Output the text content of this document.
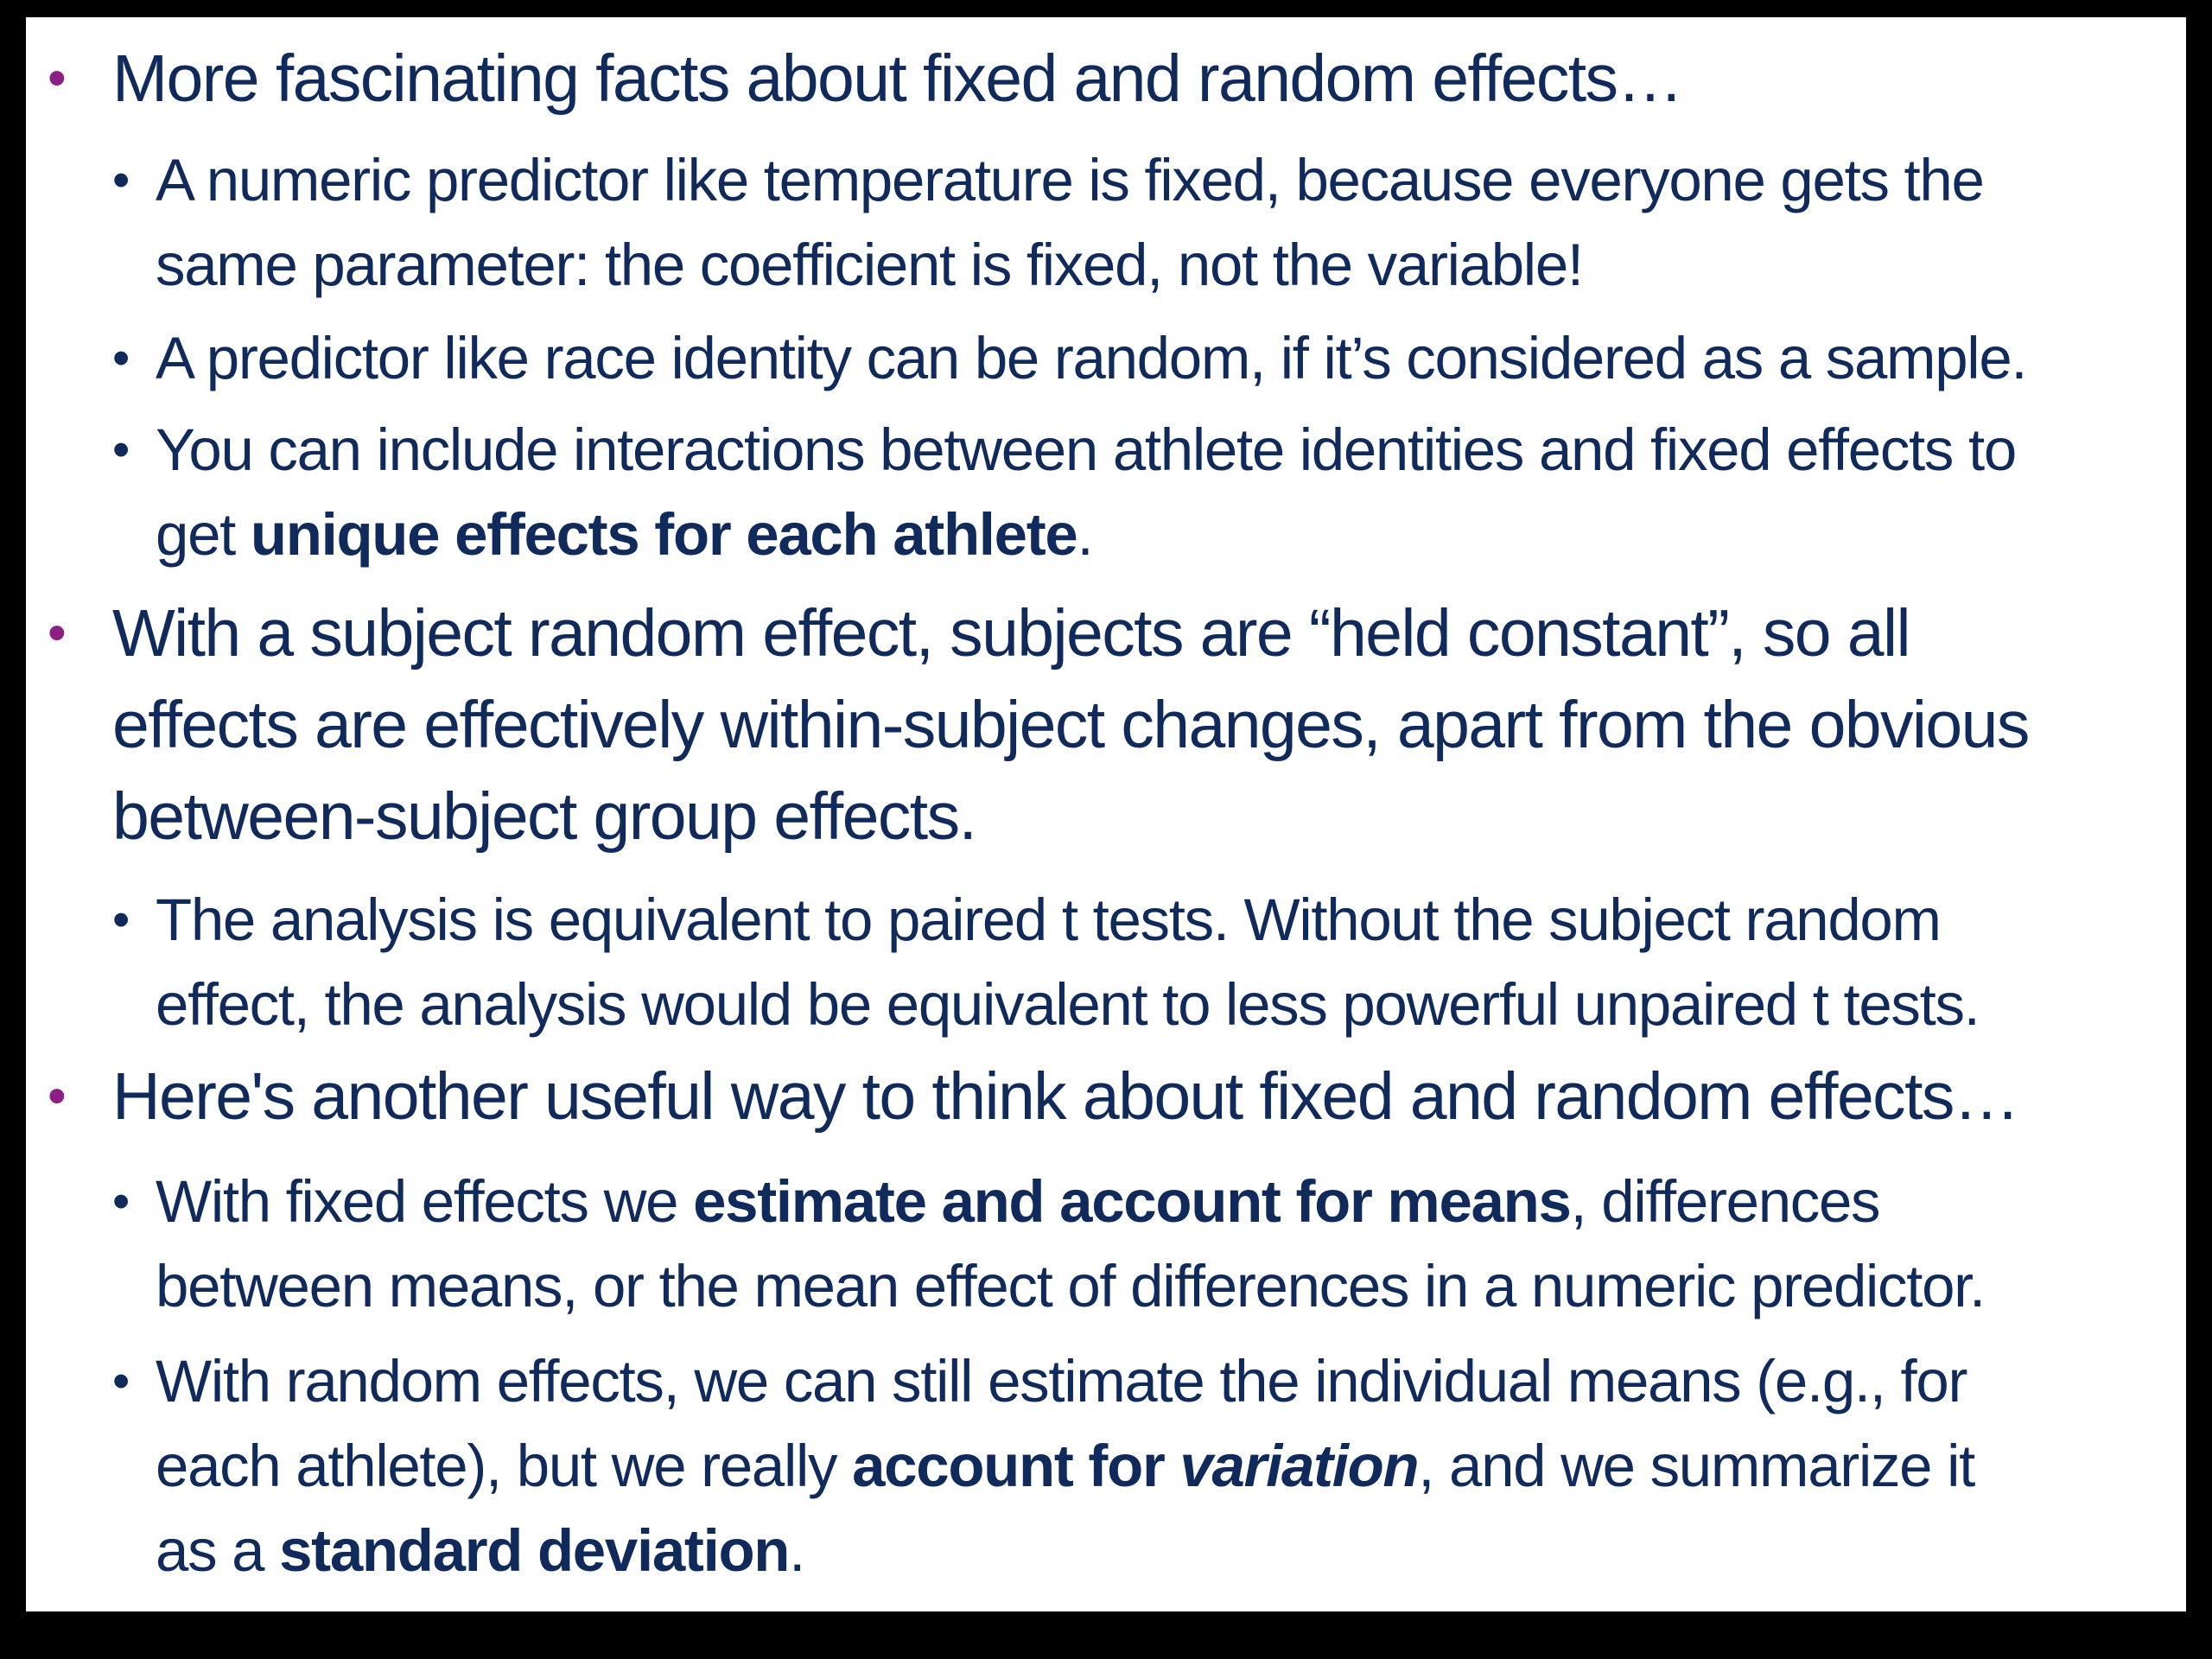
• More fascinating facts about fixed and random effects…
• A numeric predictor like temperature is fixed, because everyone gets the
same parameter: the coefficient is fixed, not the variable!
• A predictor like race identity can be random, if it’s considered as a sample.
• You can include interactions between athlete identities and fixed effects to
get unique effects for each athlete.
• With a subject random effect, subjects are “held constant”, so all
effects are effectively within-subject changes, apart from the obvious
between-subject group effects.
• The analysis is equivalent to paired t tests. Without the subject random
effect, the analysis would be equivalent to less powerful unpaired t tests.
• Here's another useful way to think about fixed and random effects…
• With fixed effects we estimate and account for means, differences
between means, or the mean effect of differences in a numeric predictor.
• With random effects, we can still estimate the individual means (e.g., for
each athlete), but we really account for variation, and we summarize it
as a standard deviation.
